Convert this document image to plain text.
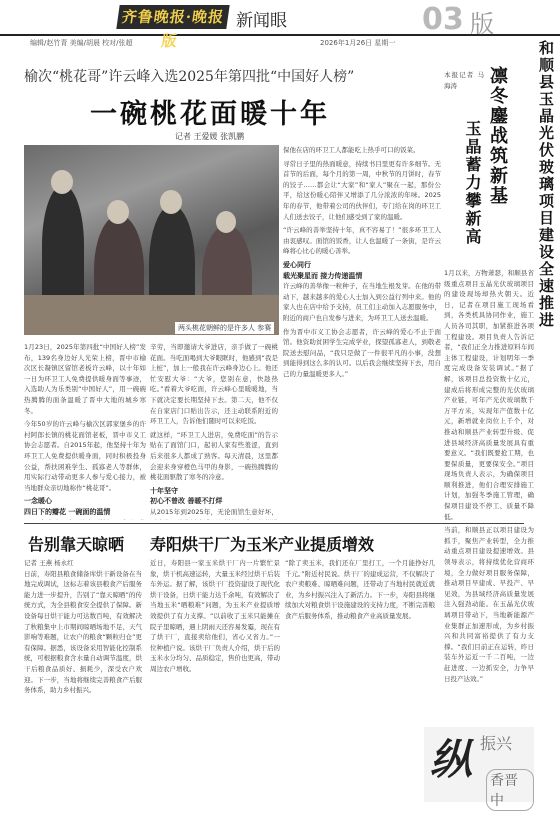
齐鲁晚报·晚报版
新闻眼	03 版
编辑/赵竹青 美编/胡晨 校对/张超	2026年1月26日 星期一
榆次“桃花哥”许云峰入选2025年第四批“中国好人榜”
一碗桃花面暖十年
记者 王爱媛 张凯鹏
两头桃花朝鲜的是许多人 参赛
1月23日，2025年第四批“中国好人榜”发布，139名身边好人光荣上榜，晋中市榆次区长凝镇区留馆老板许云峰，以十年如一日为环卫工人免费提供暖身面等事迹，入选助人为乐类别“中国好人”，用一碗碗热腾腾的面条温暖了晋中大地的城乡寒冬。
今年50岁的许云峰与榆次区郭家堡乡的许村阿郎长镇的桃花面馆老板，晋中市义工协会志愿者。自2015年起，他坚持十年为环卫工人免费提供暖身面，同时积极投身公益，帮扶困难学生、孤寡老人等群体，用实际行动带动更多人参与爱心接力，被当地群众亲切地称作“桃花哥”。
一念暖心
四日下的瓣花 一碗面的温情
辛劳，当即邀请大爷进店，亲手做了一碗桃花面。当吃面喝到大爷眼眶时，他感到“我是上桩”，加上一般我在许云峰身边心上。他还忙安慰大爷：“大爷，您别在意，快趁热吃。”看着大爷吃面，许云峰心里暖暖地，当下就决定要长期坚持下去。第二天，他不仅在自家店门口贴出告示，还主动联系附近的环卫工人，告诉他们随时可以来吃饭。
就这样，“环卫工人进店，免费吃面”的告示贴在了面馆门口，起初人家有些羞涩，直到后来很多人都成了熟客。每天清晨，这里都会迎来身穿橙色马甲的身影，一碗热腾腾的桃花面驱散了寒冬的冷意。
十年坚守
初心不曾改 善暖不打烊
从2015年到2025年，无论面馆生意好坏，
保他在店的环卫工人都能吃上热乎可口的饭菜。
寻常日子里的热面暖意，持续书目里更有许多细节。无首节的后面，每个月的第一周，中秋节的月饼时，春节的饺子……都会让“大家”和“家人”聚在一起，那份公平，给这份暖心陪伴又增添了几分浓浓的年味。2025年的春节，他带着公司的伙伴们，专门给在岗的环卫工人们送去饺子，让他们感受到了家的温暖。
“许云峰的善举坚持十年，真不容易了！”很多环卫工人由衷感叹。面馆的饭香，让人也温暖了一条街，是许云峰将心比心的暖心善举。
爱心同行
载光聚星而 接力传递温情
许云峰的善举像一粒种子，在当地生根发芽。在他的带动下，越来越多的爱心人士加入到公益行列中来。他的家人也在店中给予支持，员工们主动加入志愿服务中，附近的商户也自发参与进来，为环卫工人送去温暖。
作为晋中市义工协会志愿者，许云峰的爱心不止于面馆。他资助贫困学生完成学业，探望孤寡老人，到敬老院送去慰问品，“我只是做了一件很平凡的小事，没想到能得到这么多的认可。以后我会继续坚持下去，用自己的力量温暖更多人。”
告别靠天晾晒
记者 王燕 杨永红
日前，寿阳县粮食储备库烘干新设备在当地完成调试，这标志着该县粮食产后服务能力进一步提升，告别了“靠天晾晒”的传统方式，为全县粮食安全提供了保障。新设备每日烘干能力可达数百吨，有效解决了秋粮集中上市期间晾晒场地不足、天气影响等难题，让农户的粮食“颗粒归仓”更有保障。据悉，该设备采用智能化控制系统，可根据粮食含水量自动调节温度，烘干后粮食品质好、损耗少，深受农户欢迎。下一步，当地将继续完善粮食产后服务体系，助力乡村振兴。
寿阳烘干厂为玉米产业提质增效
近日，寿阳县一家玉米烘干厂内一片繁忙景象，烘干机高速运转，大量玉米经过烘干后装车外运。据了解，该烘干厂投资建设了现代化烘干设备，日烘干能力达千余吨，有效解决了当地玉米“晒粮难”问题，为玉米产业提质增效提供了有力支撑。“以前收了玉米只能摊在院子里晾晒，遇上阴雨天还容易发霉，现在有了烘干厂，直接卖给他们，省心又省力。”一位种植户说。该烘干厂负责人介绍，烘干后的玉米水分均匀、品质稳定，售价也更高，带动周边农户增收。
“除了卖玉米，我们还在厂里打工，一个月能挣好几千元。”附近村民说。烘干厂的建成运营，不仅解决了农户卖粮难、晾晒难问题，还带动了当地村民就近就业，为乡村振兴注入了新活力。下一步，寿阳县将继续加大对粮食烘干设施建设的支持力度，不断完善粮食产后服务体系，推动粮食产业高质量发展。
和顺县玉晶光伏玻璃项目建设全速推进
凛冬鏖战筑新基
玉晶蓄力攀新高
本报记者 马海涛
1月以来，万物萧瑟，和顺县省级重点项目玉晶光伏玻璃项目的建设现场却热火朝天。近日，记者在项目施工现场看到，各类机具协同作业，施工人员各司其职，加紧推进各项工程建设。项目负责人告诉记者，“我们正全力推进原料车间主体工程建设，计划明年一季度完成设备安装调试。”据了解，该项目总投资数十亿元，建成后将形成完整的光伏玻璃产业链，可年产光伏玻璃数千万平方米，实现年产值数十亿元，新增就业岗位上千个，对推动和顺县产业转型升级、促进县域经济高质量发展具有重要意义。“我们既要抢工期，也要保质量，更要保安全。”项目现场负责人表示，为确保项目顺利推进，他们合理安排施工计划，加强冬季施工管理，确保项目建设不停工、质量不降低。
当前，和顺县正以项目建设为抓手，聚焦产业转型，全力推动重点项目建设提速增效。县领导表示，将持续优化营商环境，全力做好项目服务保障，推动项目早建成、早投产、早见效，为县域经济高质量发展注入强劲动能。在玉晶光伏玻璃项目带动下，当地新能源产业集群正加速形成，为乡村振兴和共同富裕提供了有力支撑。“我们目前正在运转，昨日装车外运近一千二百吨，一边赶进度、一边抓安全，力争早日投产达效。”
纵 振兴
香晋中
